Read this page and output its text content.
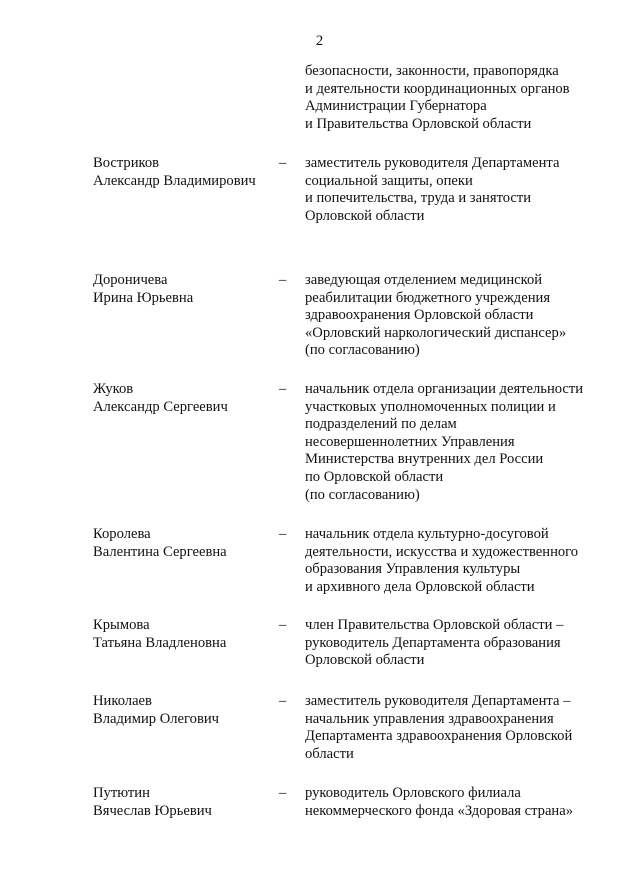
2
безопасности, законности, правопорядка
и деятельности координационных органов
Администрации Губернатора
и Правительства Орловской области
Востриков
Александр Владимирович
– заместитель руководителя Департамента
социальной защиты, опеки
и попечительства, труда и занятости
Орловской области
Дороничева
Ирина Юрьевна
– заведующая отделением медицинской
реабилитации бюджетного учреждения
здравоохранения Орловской области
«Орловский наркологический диспансер»
(по согласованию)
Жуков
Александр Сергеевич
– начальник отдела организации деятельности
участковых уполномоченных полиции и
подразделений по делам
несовершеннолетних Управления
Министерства внутренних дел России
по Орловской области
(по согласованию)
Королева
Валентина Сергеевна
– начальник отдела культурно-досуговой
деятельности, искусства и художественного
образования Управления культуры
и архивного дела Орловской области
Крымова
Татьяна Владленовна
– член Правительства Орловской области –
руководитель Департамента образования
Орловской области
Николаев
Владимир Олегович
– заместитель руководителя Департамента –
начальник управления здравоохранения
Департамента здравоохранения Орловской
области
Путютин
Вячеслав Юрьевич
– руководитель Орловского филиала
некоммерческого фонда «Здоровая страна»
